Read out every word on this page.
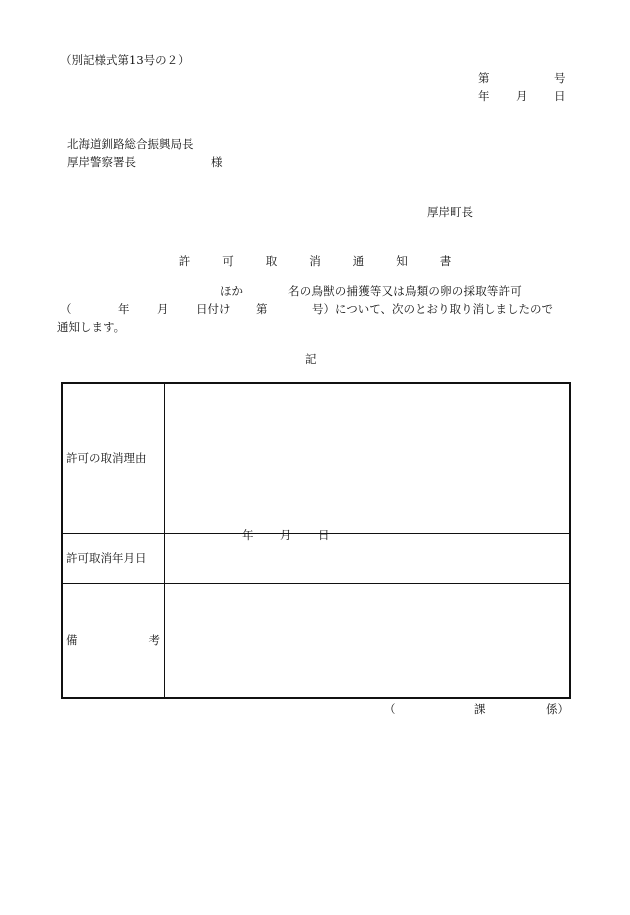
（別記様式第13号の２）
第	号
年 月 日
北海道釧路総合振興局長
厚岸警察署長	様
厚岸町長
許	可	取	消	通	知	書
ほか	名の鳥獣の捕獲等又は鳥類の卵の採取等許可
（	年 月 日付け 第	号）について、次のとおり取り消しましたので
通知します。
記
許可の取消理由	
許可取消年月日	年 月 日

備 考	

（	課	係）
